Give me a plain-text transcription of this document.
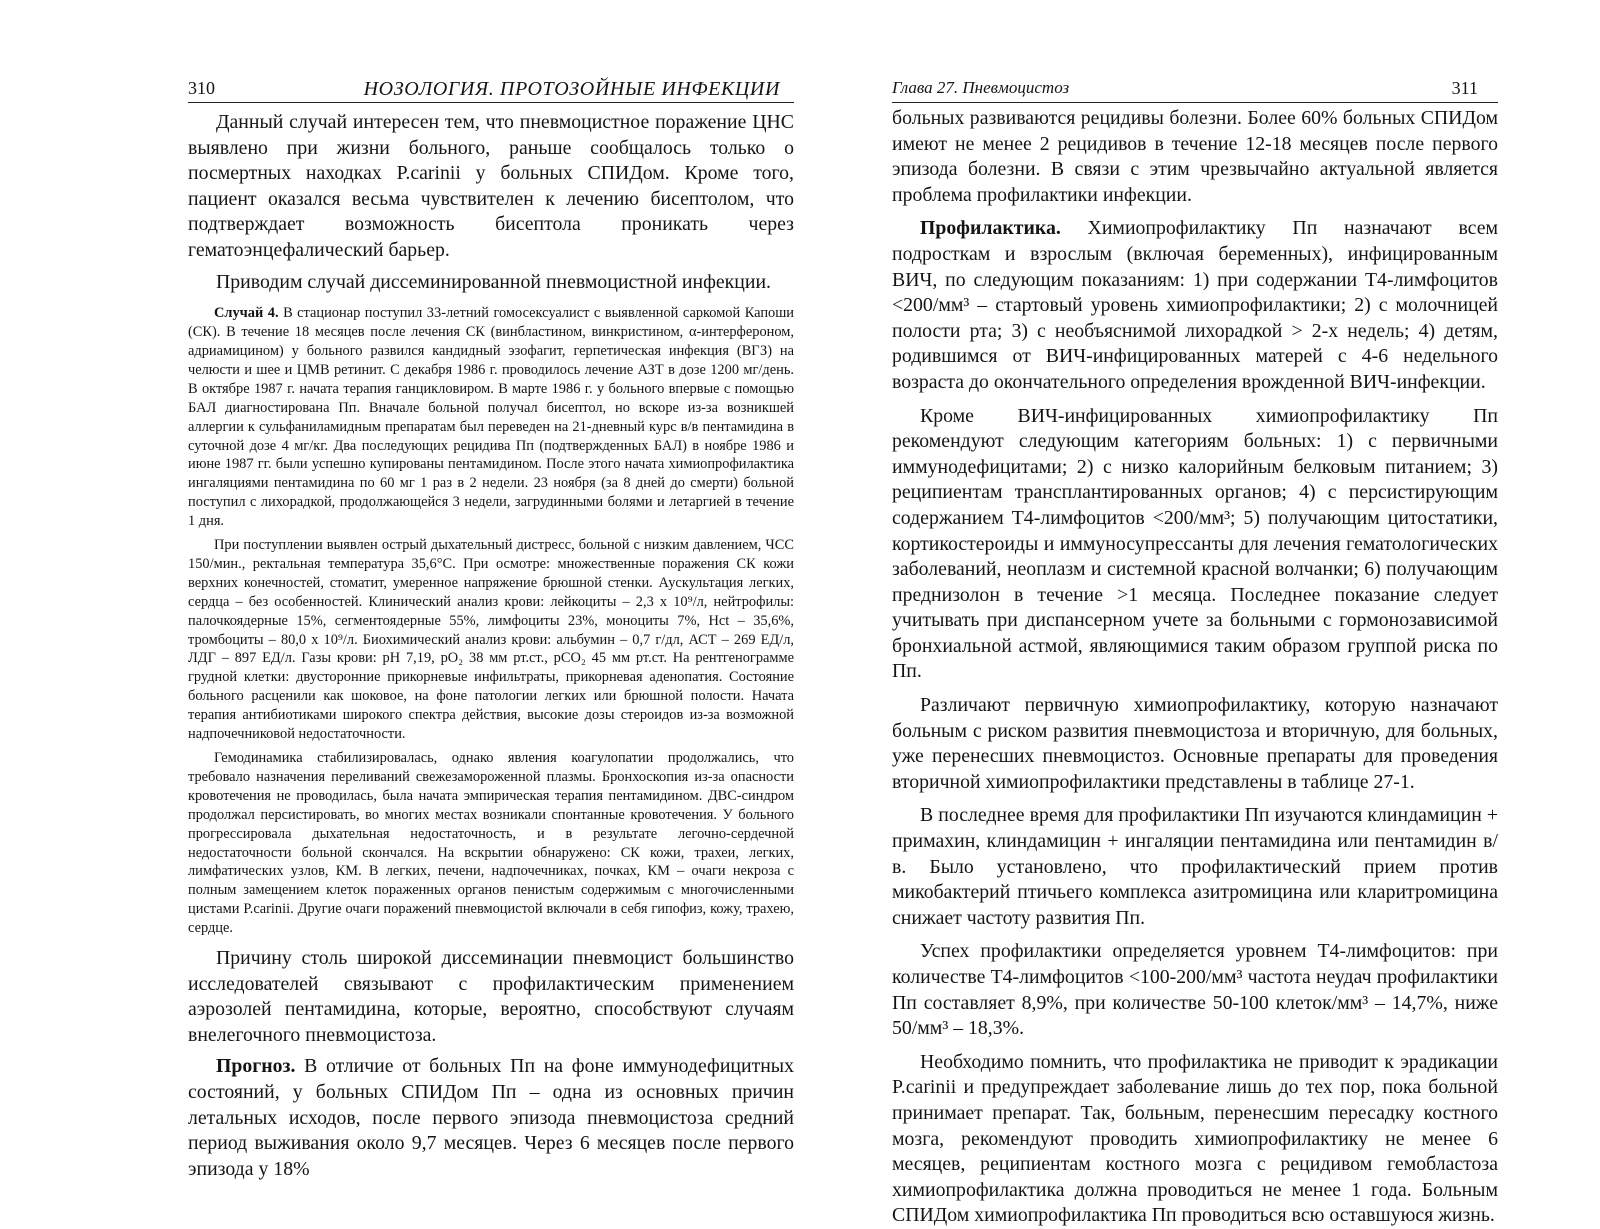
310	НОЗОЛОГИЯ. ПРОТОЗОЙНЫЕ ИНФЕКЦИИ

Данный случай интересен тем, что пневмоцистное поражение ЦНС выявлено при жизни больного, раньше сообщалось только о посмертных находках P.carinii у больных СПИДом. Кроме того, пациент оказался весьма чувствителен к лечению бисептолом, что подтверждает возможность бисептола проникать через гематоэнцефалический барьер.

Приводим случай диссеминированной пневмоцистной инфекции.

Случай 4. В стационар поступил 33-летний гомосексуалист с выявленной саркомой Капоши (СК). В течение 18 месяцев после лечения СК (винбластином, винкристином, α-интерфероном, адриамицином) у больного развился кандидный эзофагит, герпетическая инфекция (ВГЗ) на челюсти и шее и ЦМВ ретинит. С декабря 1986 г. проводилось лечение АЗТ в дозе 1200 мг/день. В октябре 1987 г. начата терапия ганцикловиром. В марте 1986 г. у больного впервые с помощью БАЛ диагностирована Пп. Вначале больной получал бисептол, но вскоре из-за возникшей аллергии к сульфаниламидным препаратам был переведен на 21-дневный курс в/в пентамидина в суточной дозе 4 мг/кг. Два последующих рецидива Пп (подтвержденных БАЛ) в ноябре 1986 и июне 1987 гг. были успешно купированы пентамидином. После этого начата химиопрофилактика ингаляциями пентамидина по 60 мг 1 раз в 2 недели. 23 ноября (за 8 дней до смерти) больной поступил с лихорадкой, продолжающейся 3 недели, загрудинными болями и летаргией в течение 1 дня.

При поступлении выявлен острый дыхательный дистресс, больной с низким давлением, ЧСС 150/мин., ректальная температура 35,6°С. При осмотре: множественные поражения СК кожи верхних конечностей, стоматит, умеренное напряжение брюшной стенки. Аускультация легких, сердца – без особенностей. Клинический анализ крови: лейкоциты – 2,3 х 10⁹/л, нейтрофилы: палочкоядерные 15%, сегментоядерные 55%, лимфоциты 23%, моноциты 7%, Hct – 35,6%, тромбоциты – 80,0 х 10⁹/л. Биохимический анализ крови: альбумин – 0,7 г/дл, АСТ – 269 ЕД/л, ЛДГ – 897 ЕД/л. Газы крови: pH 7,19, pO₂ 38 мм рт.ст., pCO₂ 45 мм рт.ст. На рентгенограмме грудной клетки: двусторонние прикорневые инфильтраты, прикорневая аденопатия. Состояние больного расценили как шоковое, на фоне патологии легких или брюшной полости. Начата терапия антибиотиками широкого спектра действия, высокие дозы стероидов из-за возможной надпочечниковой недостаточности.

Гемодинамика стабилизировалась, однако явления коагулопатии продолжались, что требовало назначения переливаний свежезамороженной плазмы. Бронхоскопия из-за опасности кровотечения не проводилась, была начата эмпирическая терапия пентамидином. ДВС-синдром продолжал персистировать, во многих местах возникали спонтанные кровотечения. У больного прогрессировала дыхательная недостаточность, и в результате легочно-сердечной недостаточности больной скончался. На вскрытии обнаружено: СК кожи, трахеи, легких, лимфатических узлов, КМ. В легких, печени, надпочечниках, почках, КМ – очаги некроза с полным замещением клеток пораженных органов пенистым содержимым с многочисленными цистами P.carinii. Другие очаги поражений пневмоцистой включали в себя гипофиз, кожу, трахею, сердце.

Причину столь широкой диссеминации пневмоцист большинство исследователей связывают с профилактическим применением аэрозолей пентамидина, которые, вероятно, способствуют случаям внелегочного пневмоцистоза.

Прогноз. В отличие от больных Пп на фоне иммунодефицитных состояний, у больных СПИДом Пп – одна из основных причин летальных исходов, после первого эпизода пневмоцистоза средний период выживания около 9,7 месяцев. Через 6 месяцев после первого эпизода у 18%

Глава 27. Пневмоцистоз	311

больных развиваются рецидивы болезни. Более 60% больных СПИДом имеют не менее 2 рецидивов в течение 12-18 месяцев после первого эпизода болезни. В связи с этим чрезвычайно актуальной является проблема профилактики инфекции.

Профилактика. Химиопрофилактику Пп назначают всем подросткам и взрослым (включая беременных), инфицированным ВИЧ, по следующим показаниям: 1) при содержании Т4-лимфоцитов <200/мм³ – стартовый уровень химиопрофилактики; 2) с молочницей полости рта; 3) с необъяснимой лихорадкой > 2-х недель; 4) детям, родившимся от ВИЧ-инфицированных матерей с 4-6 недельного возраста до окончательного определения врожденной ВИЧ-инфекции.

Кроме ВИЧ-инфицированных химиопрофилактику Пп рекомендуют следующим категориям больных: 1) с первичными иммунодефицитами; 2) с низко калорийным белковым питанием; 3) реципиентам трансплантированных органов; 4) с персистирующим содержанием Т4-лимфоцитов <200/мм³; 5) получающим цитостатики, кортикостероиды и иммуносупрессанты для лечения гематологических заболеваний, неоплазм и системной красной волчанки; 6) получающим преднизолон в течение >1 месяца. Последнее показание следует учитывать при диспансерном учете за больными с гормонозависимой бронхиальной астмой, являющимися таким образом группой риска по Пп.

Различают первичную химиопрофилактику, которую назначают больным с риском развития пневмоцистоза и вторичную, для больных, уже перенесших пневмоцистоз. Основные препараты для проведения вторичной химиопрофилактики представлены в таблице 27-1.

В последнее время для профилактики Пп изучаются клиндамицин + примахин, клиндамицин + ингаляции пентамидина или пентамидин в/в. Было установлено, что профилактический прием против микобактерий птичьего комплекса азитромицина или кларитромицина снижает частоту развития Пп.

Успех профилактики определяется уровнем Т4-лимфоцитов: при количестве Т4-лимфоцитов <100-200/мм³ частота неудач профилактики Пп составляет 8,9%, при количестве 50-100 клеток/мм³ – 14,7%, ниже 50/мм³ – 18,3%.

Необходимо помнить, что профилактика не приводит к эрадикации P.carinii и предупреждает заболевание лишь до тех пор, пока больной принимает препарат. Так, больным, перенесшим пересадку костного мозга, рекомендуют проводить химиопрофилактику не менее 6 месяцев, реципиентам костного мозга с рецидивом гемобластоза химиопрофилактика должна проводиться не менее 1 года. Больным СПИДом химиопрофилактика Пп проводиться всю оставшуюся жизнь.
